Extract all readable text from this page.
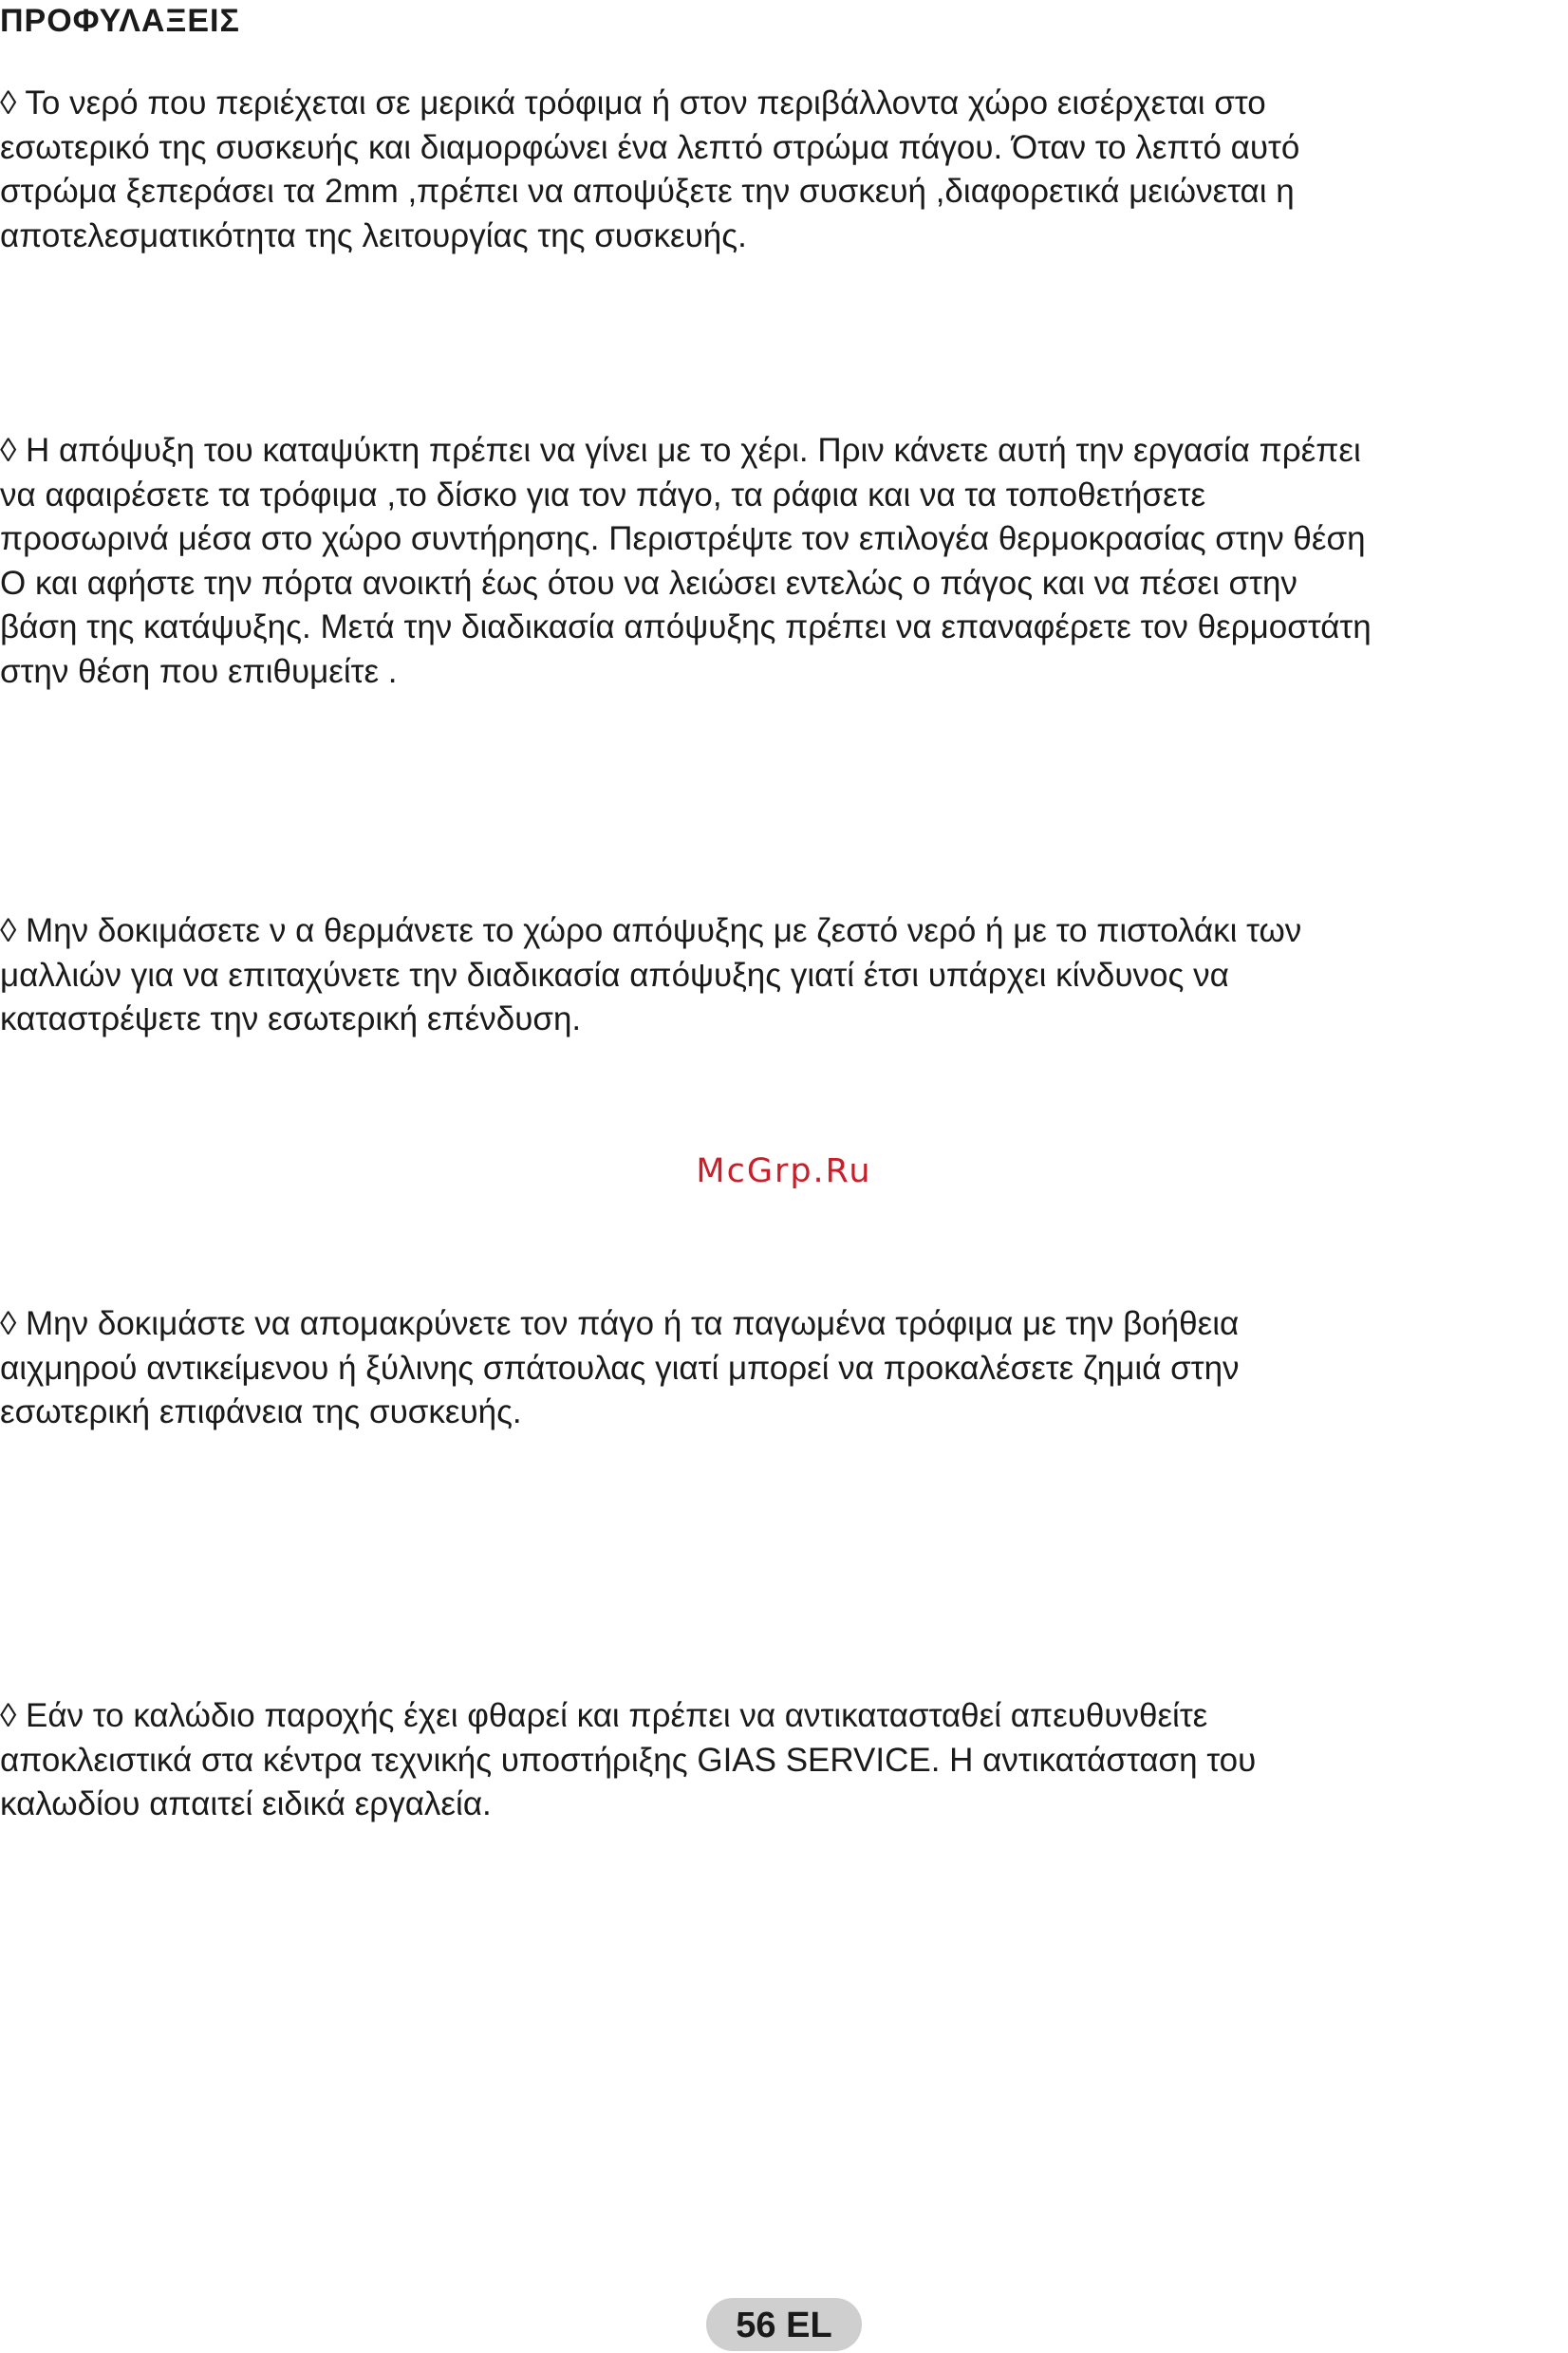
ΠΡΟΦΥΛΑΞΕΙΣ

◊ Το νερό που περιέχεται σε μερικά τρόφιμα ή στον περιβάλλοντα χώρο εισέρχεται στο
εσωτερικό της συσκευής και διαμορφώνει ένα λεπτό στρώμα πάγου. Όταν το λεπτό αυτό
στρώμα ξεπεράσει τα 2mm ,πρέπει να αποψύξετε την συσκευή ,διαφορετικά μειώνεται η
αποτελεσματικότητα της λειτουργίας της συσκευής.

◊ Η απόψυξη του καταψύκτη πρέπει να γίνει με το χέρι. Πριν κάνετε αυτή την εργασία πρέπει
να αφαιρέσετε τα τρόφιμα ,το δίσκο για τον πάγο, τα ράφια και να τα τοποθετήσετε
προσωρινά μέσα στο χώρο συντήρησης. Περιστρέψτε τον επιλογέα θερμοκρασίας στην θέση
O και αφήστε την πόρτα ανοικτή έως ότου να λειώσει εντελώς ο πάγος και να πέσει στην
βάση της κατάψυξης. Μετά την διαδικασία απόψυξης πρέπει να επαναφέρετε τον θερμοστάτη
στην θέση που επιθυμείτε .

◊ Μην δοκιμάσετε ν α θερμάνετε το χώρο απόψυξης με ζεστό νερό ή με το πιστολάκι των
μαλλιών για να επιταχύνετε την διαδικασία απόψυξης γιατί έτσι υπάρχει κίνδυνος να
καταστρέψετε την εσωτερική επένδυση.

McGrp.Ru

◊ Μην δοκιμάστε να απομακρύνετε τον πάγο ή τα παγωμένα τρόφιμα με την βοήθεια
αιχμηρού αντικείμενου ή ξύλινης σπάτουλας γιατί μπορεί να προκαλέσετε ζημιά στην
εσωτερική επιφάνεια της συσκευής.

◊ Εάν το καλώδιο παροχής έχει φθαρεί και πρέπει να αντικατασταθεί απευθυνθείτε
αποκλειστικά στα κέντρα τεχνικής υποστήριξης GIAS SERVICE. Η αντικατάσταση του
καλωδίου απαιτεί ειδικά εργαλεία.

56 EL
